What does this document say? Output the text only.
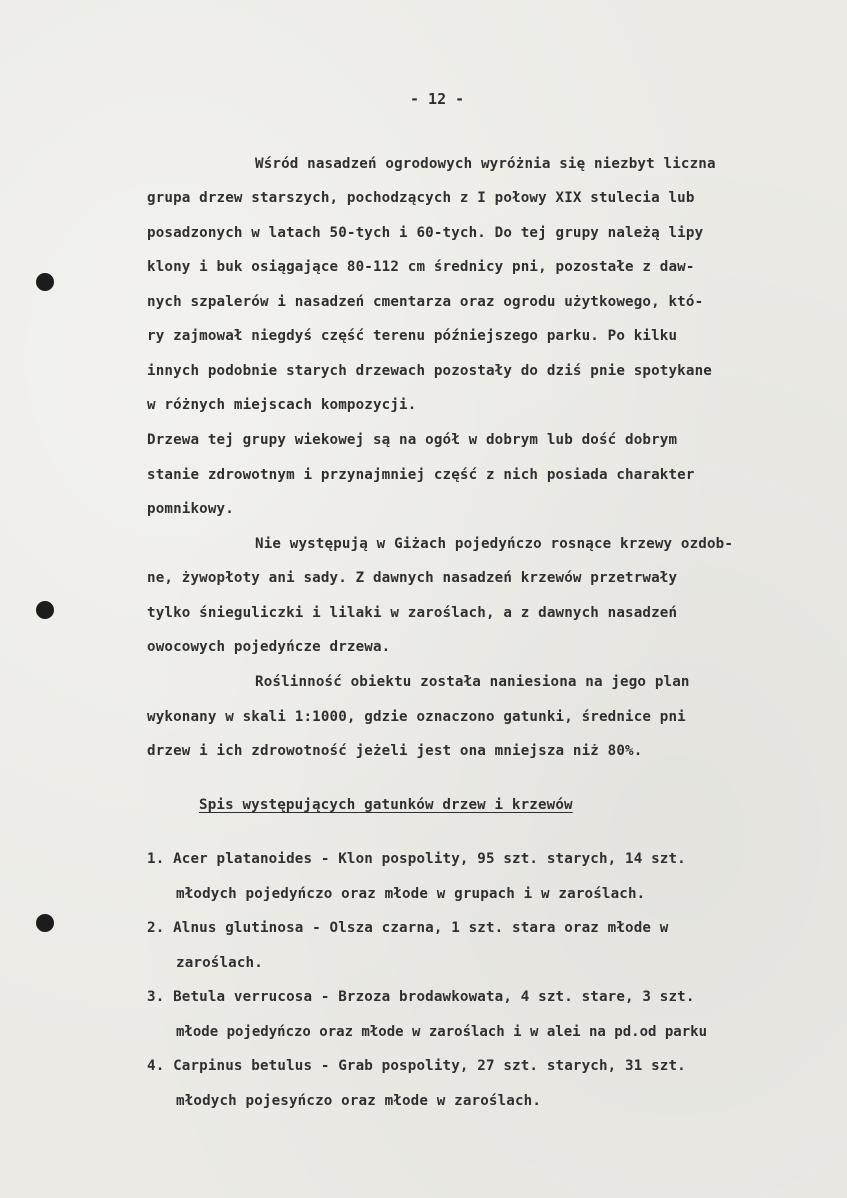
- 12 -
Wśród nasadzeń ogrodowych wyróżnia się niezbyt liczna
grupa drzew starszych, pochodzących z I połowy XIX stulecia lub
posadzonych w latach 50-tych i 60-tych. Do tej grupy należą lipy
klony i buk osiągające 80-112 cm średnicy pni, pozostałe z daw-
nych szpalerów i nasadzeń cmentarza oraz ogrodu użytkowego, któ-
ry zajmował niegdyś część terenu późniejszego parku. Po kilku
innych podobnie starych drzewach pozostały do dziś pnie spotykane
w różnych miejscach kompozycji.
Drzewa tej grupy wiekowej są na ogół w dobrym lub dość dobrym
stanie zdrowotnym i przynajmniej część z nich posiada charakter
pomnikowy.
Nie występują w Giżach pojedyńczo rosnące krzewy ozdob-
ne, żywopłoty ani sady. Z dawnych nasadzeń krzewów przetrwały
tylko śnieguliczki i lilaki w zaroślach, a z dawnych nasadzeń
owocowych pojedyńcze drzewa.
Roślinność obiektu została naniesiona na jego plan
wykonany w skali 1:1000, gdzie oznaczono gatunki, średnice pni
drzew i ich zdrowotność jeżeli jest ona mniejsza niż 80%.
Spis występujących gatunków drzew i krzewów
1. Acer platanoides - Klon pospolity, 95 szt. starych, 14 szt.
młodych pojedyńczo oraz młode w grupach i w zaroślach.
2. Alnus glutinosa - Olsza czarna, 1 szt. stara oraz młode w
zaroślach.
3. Betula verrucosa - Brzoza brodawkowata, 4 szt. stare, 3 szt.
młode pojedyńczo oraz młode w zaroślach i w alei na pd.od parku
4. Carpinus betulus - Grab pospolity, 27 szt. starych, 31 szt.
młodych pojesyńczo oraz młode w zaroślach.
